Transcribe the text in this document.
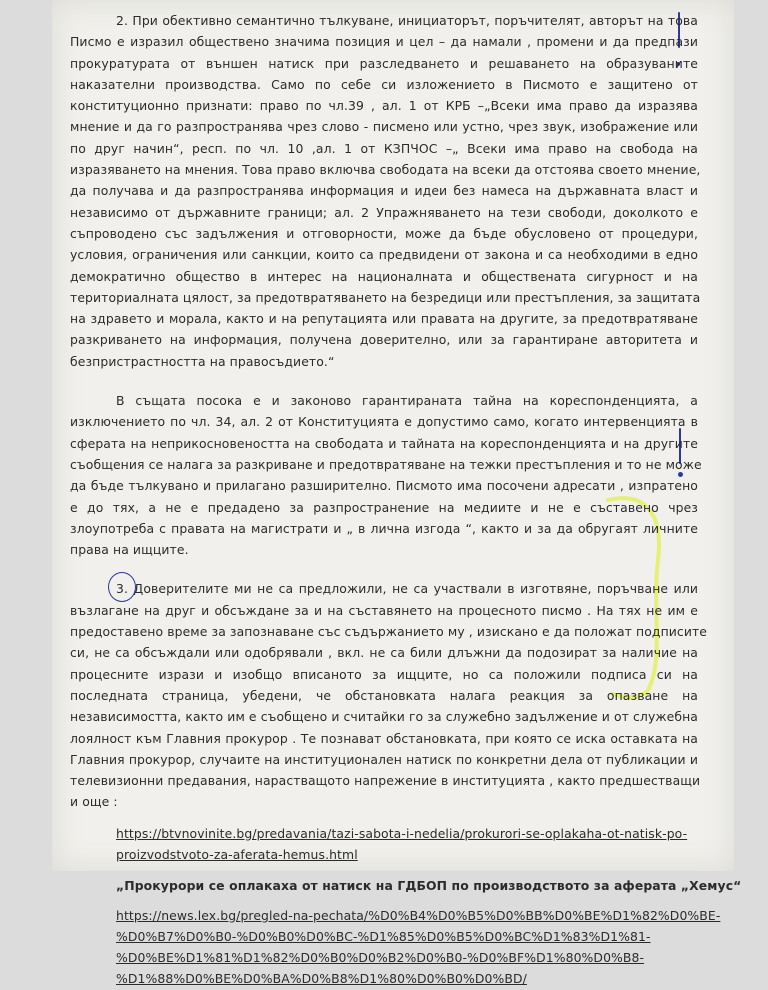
2. При обективно семантично тълкуване, инициаторът, поръчителят, авторът на това
Писмо е изразил обществено значима позиция и цел – да намали , промени и да предпази
прокуратурата от външен натиск при разследването и решаването на образуваните
наказателни производства. Само по себе си изложението в Писмото е защитено от
конституционно признати: право по чл.39 , ал. 1 от КРБ –„Всеки има право да изразява
мнение и да го разпространява чрез слово - писмено или устно, чрез звук, изображение или
по друг начин“, респ. по чл. 10 ,ал. 1 от КЗПЧОС –„ Всеки има право на свобода на
изразяването на мнения. Това право включва свободата на всеки да отстоява своето мнение,
да получава и да разпространява информация и идеи без намеса на държавната власт и
независимо от държавните граници; ал. 2 Упражняването на тези свободи, доколкото е
съпроводено със задължения и отговорности, може да бъде обусловено от процедури,
условия, ограничения или санкции, които са предвидени от закона и са необходими в едно
демократично общество в интерес на националната и обществената сигурност и на
териториалната цялост, за предотвратяването на безредици или престъпления, за защитата
на здравето и морала, както и на репутацията или правата на другите, за предотвратяване
разкриването на информация, получена доверително, или за гарантиране авторитета и
безпристрастността на правосъдието.“
В същата посока е и законово гарантираната тайна на кореспонденцията, а
изключението по чл. 34, ал. 2 от Конституцията е допустимо само, когато интервенцията в
сферата на неприкосновеността на свободата и тайната на кореспонденцията и на другите
съобщения се налага за разкриване и предотвратяване на тежки престъпления и то не може
да бъде тълкувано и прилагано разширително. Писмото има посочени адресати , изпратено
е до тях, а не е предадено за разпространение на медиите и не е съставено чрез
злоупотреба с правата на магистрати и „ в лична изгода “, както и за да обругаят личните
права на ищците.
3. Доверителите ми не са предложили, не са участвали в изготвяне, поръчване или
възлагане на друг и обсъждане за и на съставянето на процесното писмо . На тях не им е
предоставено време за запознаване със съдържанието му , изискано е да положат подписите
си, не са обсъждали или одобрявали , вкл. не са били длъжни да подозират за наличие на
процесните изрази и изобщо вписаното за ищците, но са положили подписа си на
последната страница, убедени, че обстановката налага реакция за опазване на
независимостта, както им е съобщено и считайки го за служебно задължение и от служебна
лоялност към Главния прокурор . Те познават обстановката, при която се иска оставката на
Главния прокурор, случаите на институционален натиск по конкретни дела от публикации и
телевизионни предавания, нарастващото напрежение в институцията , както предшестващи
и още :
https://btvnovinite.bg/predavania/tazi-sabota-i-nedelia/prokurori-se-oplakaha-ot-natisk-po-
proizvodstvoto-za-aferata-hemus.html
„Прокурори се оплакаха от натиск на ГДБОП по производството за аферата „Хемус“
https://news.lex.bg/pregled-na-pechata/%D0%B4%D0%B5%D0%BB%D0%BE%D1%82%D0%BE-
%D0%B7%D0%B0-%D0%B0%D0%BC-%D1%85%D0%B5%D0%BC%D1%83%D1%81-
%D0%BE%D1%81%D1%82%D0%B0%D0%B2%D0%B0-%D0%BF%D1%80%D0%B8-
%D1%88%D0%BE%D0%BA%D0%B8%D1%80%D0%B0%D0%BD/
